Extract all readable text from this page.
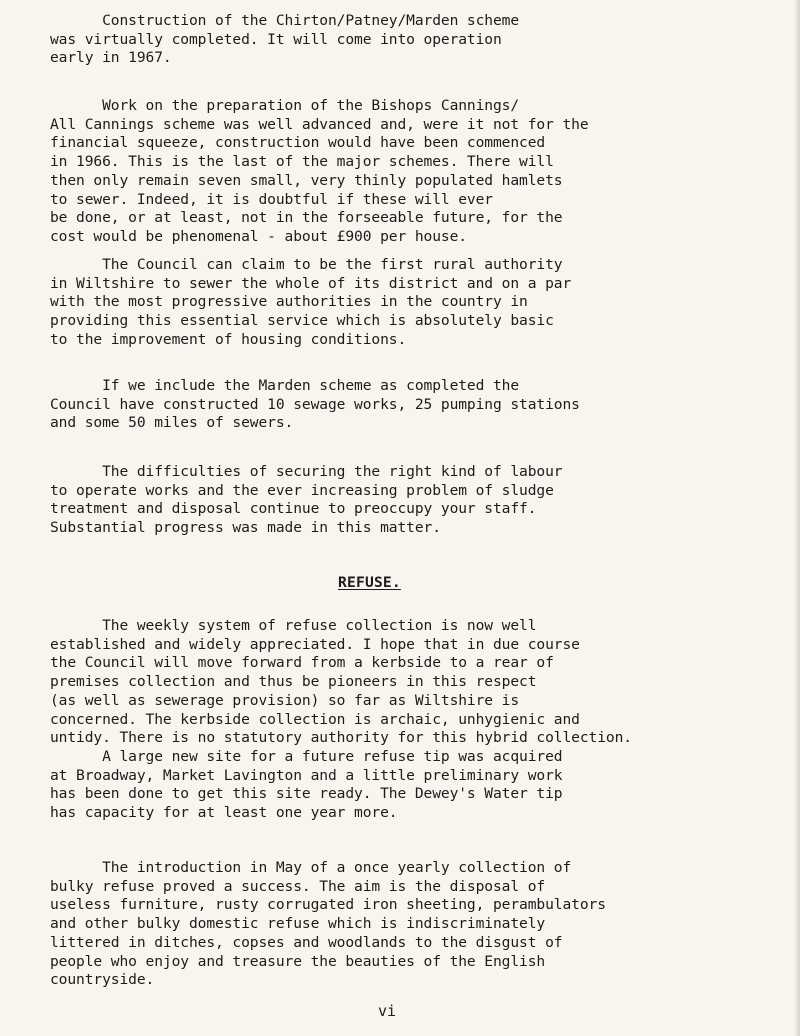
Construction of the Chirton/Patney/Marden scheme
was virtually completed. It will come into operation
early in 1967.

Work on the preparation of the Bishops Cannings/
All Cannings scheme was well advanced and, were it not for the
financial squeeze, construction would have been commenced
in 1966. This is the last of the major schemes. There will
then only remain seven small, very thinly populated hamlets
to sewer. Indeed, it is doubtful if these will ever
be done, or at least, not in the forseeable future, for the
cost would be phenomenal - about £900 per house.

The Council can claim to be the first rural authority
in Wiltshire to sewer the whole of its district and on a par
with the most progressive authorities in the country in
providing this essential service which is absolutely basic
to the improvement of housing conditions.

If we include the Marden scheme as completed the
Council have constructed 10 sewage works, 25 pumping stations
and some 50 miles of sewers.

The difficulties of securing the right kind of labour
to operate works and the ever increasing problem of sludge
treatment and disposal continue to preoccupy your staff.
Substantial progress was made in this matter.

REFUSE.

The weekly system of refuse collection is now well
established and widely appreciated. I hope that in due course
the Council will move forward from a kerbside to a rear of
premises collection and thus be pioneers in this respect
(as well as sewerage provision) so far as Wiltshire is
concerned. The kerbside collection is archaic, unhygienic and
untidy. There is no statutory authority for this hybrid collection.
A large new site for a future refuse tip was acquired
at Broadway, Market Lavington and a little preliminary work
has been done to get this site ready. The Dewey's Water tip
has capacity for at least one year more.

The introduction in May of a once yearly collection of
bulky refuse proved a success. The aim is the disposal of
useless furniture, rusty corrugated iron sheeting, perambulators
and other bulky domestic refuse which is indiscriminately
littered in ditches, copses and woodlands to the disgust of
people who enjoy and treasure the beauties of the English
countryside.

vi
